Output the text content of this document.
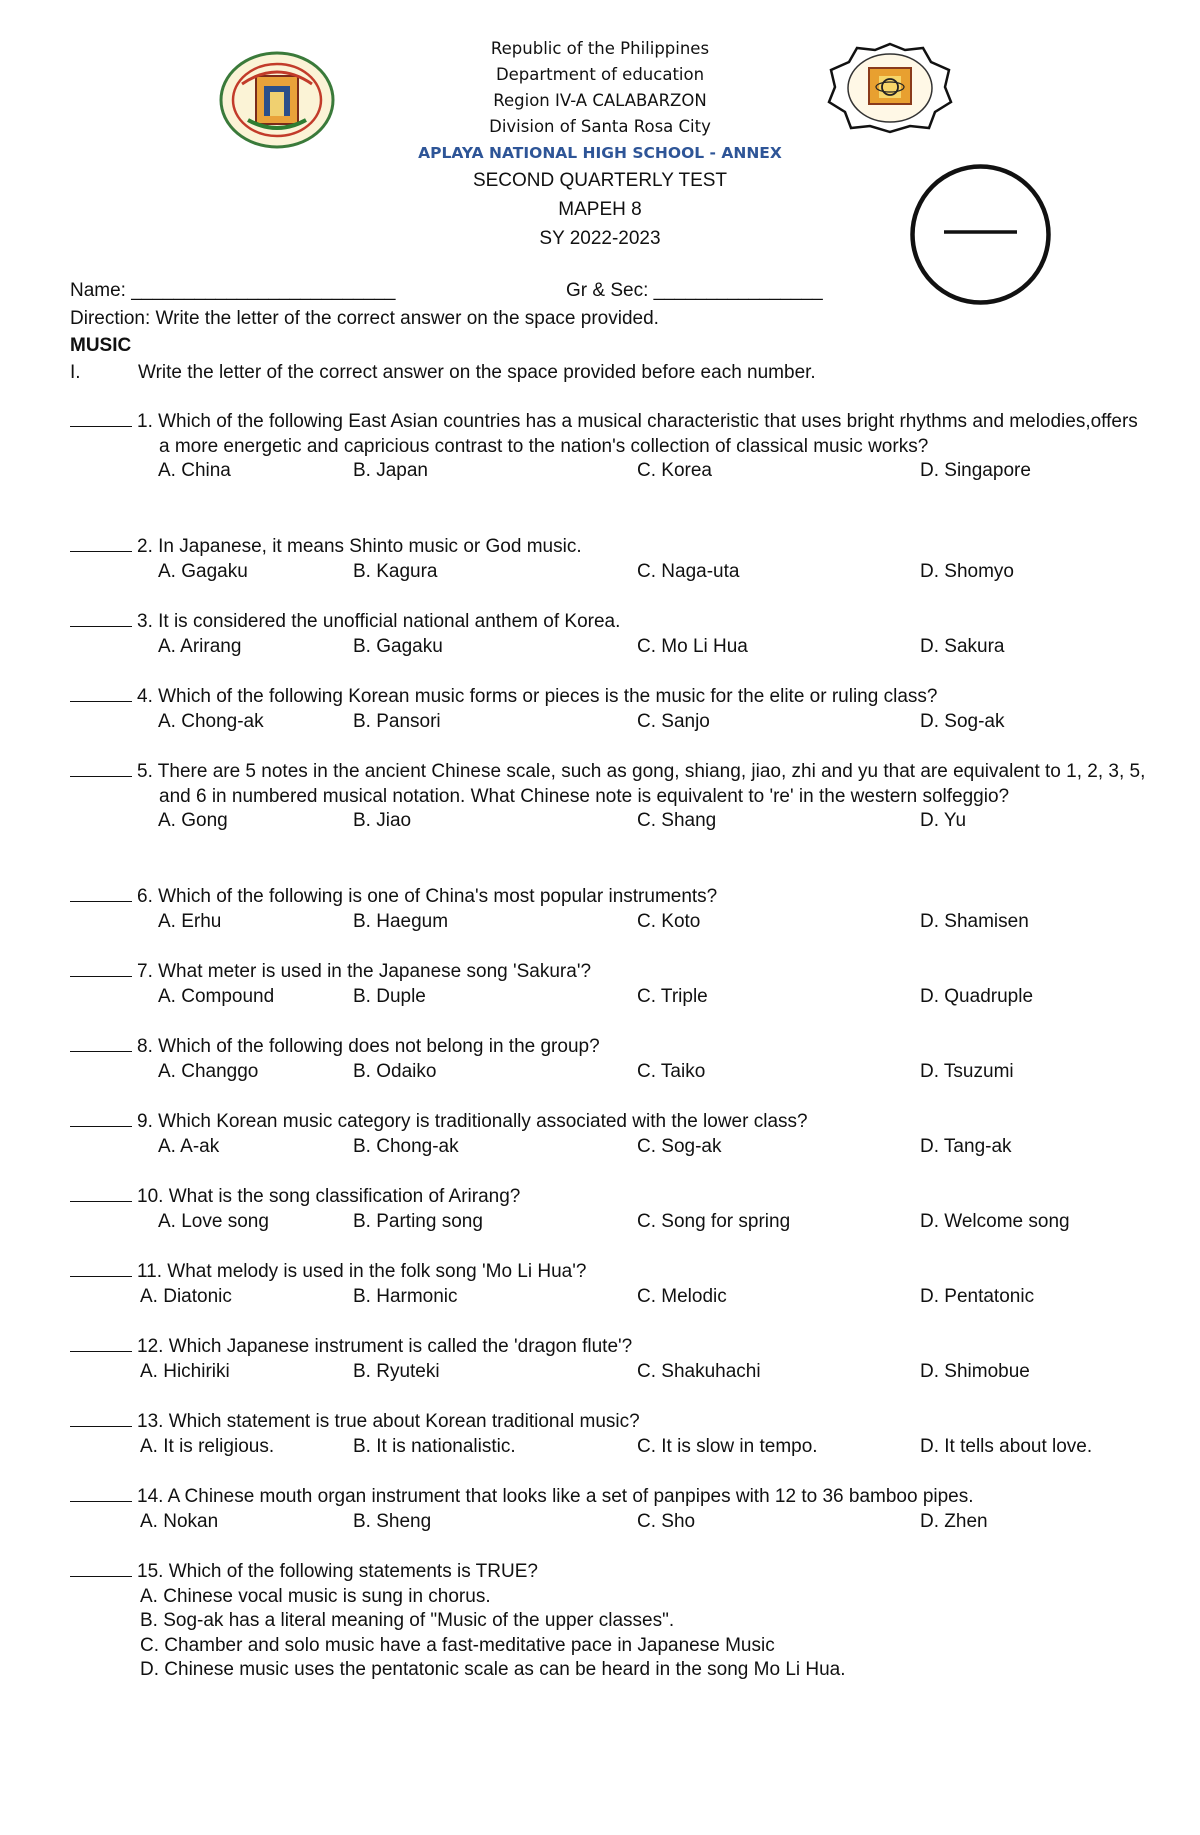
Republic of the Philippines
Department of education
Region IV-A CALABARZON
Division of Santa Rosa City
APLAYA NATIONAL HIGH SCHOOL - ANNEX
SECOND QUARTERLY TEST
MAPEH 8
SY 2022-2023
Name: _________________________	Gr & Sec: ________________
Direction: Write the letter of the correct answer on the space provided.
MUSIC
I.	Write the letter of the correct answer on the space provided before each number.
1. Which of the following East Asian countries has a musical characteristic that uses bright rhythms and melodies,offers a more energetic and capricious contrast to the nation's collection of classical music works?
A. China	B. Japan	C. Korea	D. Singapore
2. In Japanese, it means Shinto music or God music.
A. Gagaku	B. Kagura	C. Naga-uta	D. Shomyo
3. It is considered the unofficial national anthem of Korea.
A. Arirang	B. Gagaku	C. Mo Li Hua	D. Sakura
4. Which of the following Korean music forms or pieces is the music for the elite or ruling class?
A. Chong-ak	B. Pansori	C. Sanjo	D. Sog-ak
5. There are 5 notes in the ancient Chinese scale, such as gong, shiang, jiao, zhi and yu that are equivalent to 1, 2, 3, 5, and 6 in numbered musical notation. What Chinese note is equivalent to 're' in the western solfeggio?
A. Gong	B. Jiao	C. Shang	D. Yu
6. Which of the following is one of China's most popular instruments?
A. Erhu	B. Haegum	C. Koto	D. Shamisen
7. What meter is used in the Japanese song 'Sakura'?
A. Compound	B. Duple	C. Triple	D. Quadruple
8. Which of the following does not belong in the group?
A. Changgo	B. Odaiko	C. Taiko	D. Tsuzumi
9. Which Korean music category is traditionally associated with the lower class?
A. A-ak	B. Chong-ak	C. Sog-ak	D. Tang-ak
10. What is the song classification of Arirang?
A. Love song	B. Parting song	C. Song for spring	D. Welcome song
11. What melody is used in the folk song 'Mo Li Hua'?
A. Diatonic	B. Harmonic	C. Melodic	D. Pentatonic
12. Which Japanese instrument is called the 'dragon flute'?
A. Hichiriki	B. Ryuteki	C. Shakuhachi	D. Shimobue
13. Which statement is true about Korean traditional music?
A. It is religious.	B. It is nationalistic.	C. It is slow in tempo.	D. It tells about love.
14. A Chinese mouth organ instrument that looks like a set of panpipes with 12 to 36 bamboo pipes.
A. Nokan	B. Sheng	C. Sho	D. Zhen
15. Which of the following statements is TRUE?
A. Chinese vocal music is sung in chorus.
B. Sog-ak has a literal meaning of "Music of the upper classes".
C. Chamber and solo music have a fast-meditative pace in Japanese Music
D. Chinese music uses the pentatonic scale as can be heard in the song Mo Li Hua.
